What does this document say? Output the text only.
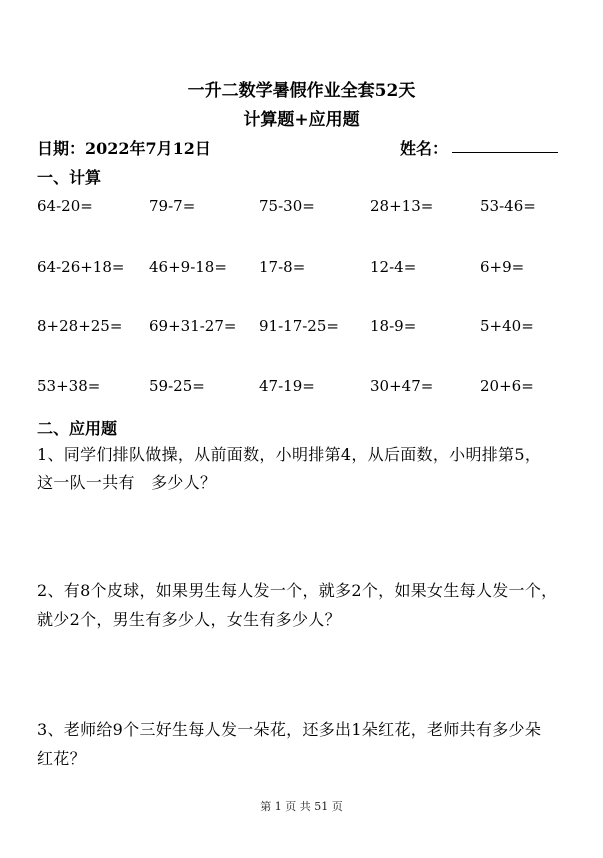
一升二数学暑假作业全套52天
计算题+应用题
日期：2022年7月12日	姓名：
一、计算
64-20=	79-7=	75-30=	28+13=	53-46=
64-26+18= 46+9-18= 17-8=	12-4=	6+9=
8+28+25= 69+31-27= 91-17-25= 18-9=	5+40=
53+38=	59-25=	47-19=	30+47=	20+6=
二、应用题
1、同学们排队做操，从前面数，小明排第4，从后面数，小明排第5，
这一队一共有　多少人？
2、有8个皮球，如果男生每人发一个，就多2个，如果女生每人发一个，
就少2个，男生有多少人，女生有多少人？
3、老师给9个三好生每人发一朵花，还多出1朵红花，老师共有多少朵
红花？
第 1 页 共 51 页
